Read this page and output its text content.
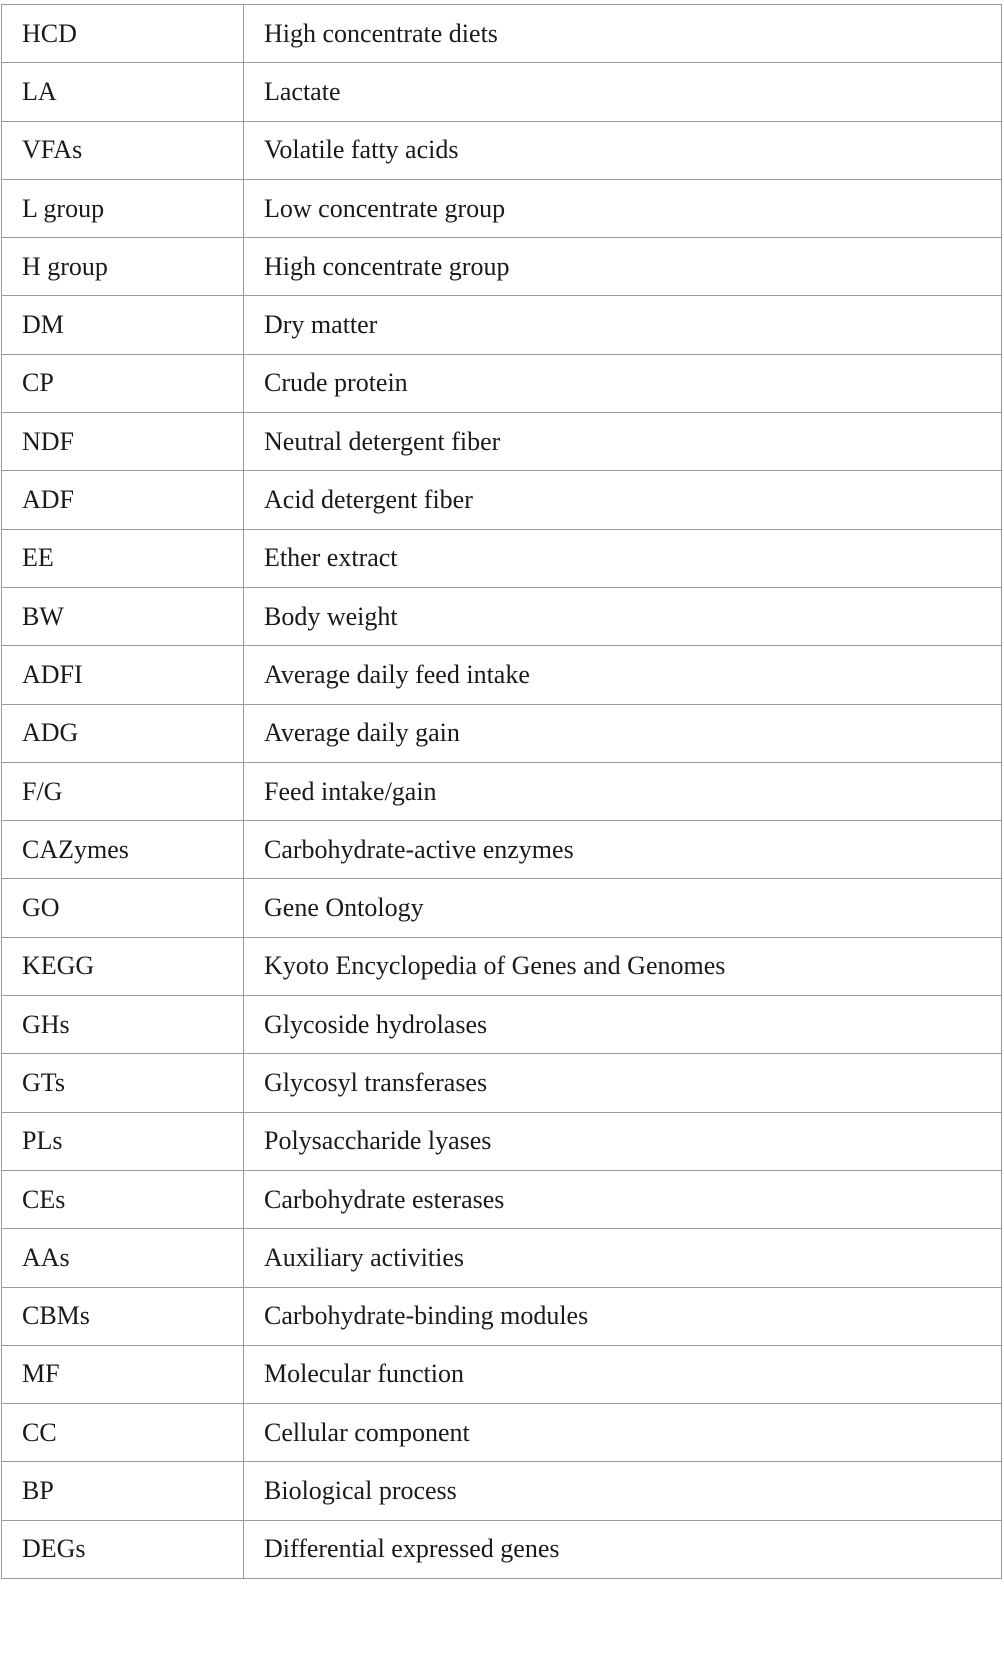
HCD	High concentrate diets
LA	Lactate
VFAs	Volatile fatty acids
L group	Low concentrate group
H group	High concentrate group
DM	Dry matter
CP	Crude protein
NDF	Neutral detergent fiber
ADF	Acid detergent fiber
EE	Ether extract
BW	Body weight
ADFI	Average daily feed intake
ADG	Average daily gain
F/G	Feed intake/gain
CAZymes	Carbohydrate-active enzymes
GO	Gene Ontology
KEGG	Kyoto Encyclopedia of Genes and Genomes
GHs	Glycoside hydrolases
GTs	Glycosyl transferases
PLs	Polysaccharide lyases
CEs	Carbohydrate esterases
AAs	Auxiliary activities
CBMs	Carbohydrate-binding modules
MF	Molecular function
CC	Cellular component
BP	Biological process
DEGs	Differential expressed genes
